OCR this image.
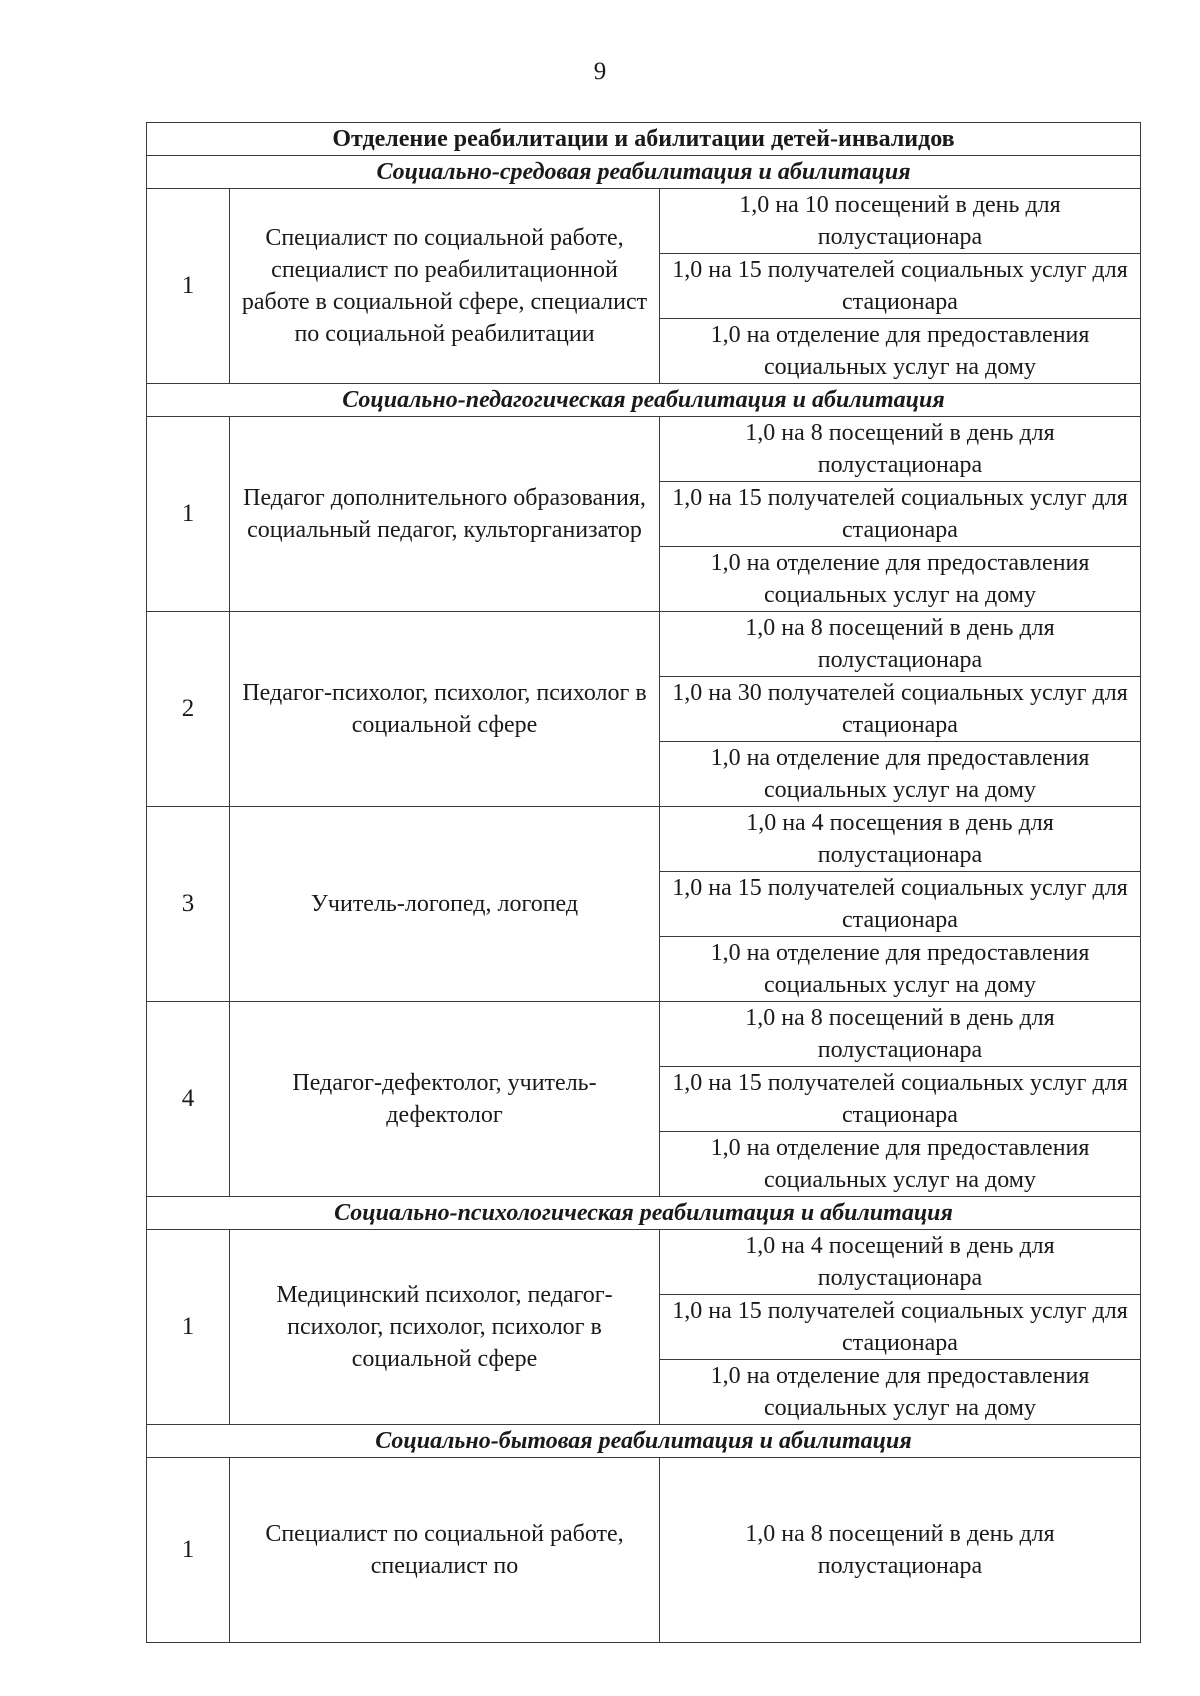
9
Отделение реабилитации и абилитации детей-инвалидов		
Социально-средовая реабилитация и абилитация		
1	Специалист по социальной работе, специалист по реабилитационной работе в социальной сфере, специалист по социальной реабилитации	1,0 на 10 посещений в день для полустационара
1,0 на 15 получателей социальных услуг для стационара
1,0 на отделение для предоставления социальных услуг на дому

Социально-педагогическая реабилитация и абилитация		
1	Педагог дополнительного образования, социальный педагог, культорганизатор	1,0 на 8 посещений в день для полустационара
1,0 на 15 получателей социальных услуг для стационара
1,0 на отделение для предоставления социальных услуг на дому

2	Педагог-психолог, психолог, психолог в социальной сфере	1,0 на 8 посещений в день для полустационара
1,0 на 30 получателей социальных услуг для стационара
1,0 на отделение для предоставления социальных услуг на дому

3	Учитель-логопед, логопед	1,0 на 4 посещения в день для полустационара
1,0 на 15 получателей социальных услуг для стационара
1,0 на отделение для предоставления социальных услуг на дому

4	Педагог-дефектолог, учитель-дефектолог	1,0 на 8 посещений в день для полустационара
1,0 на 15 получателей социальных услуг для стационара
1,0 на отделение для предоставления социальных услуг на дому

Социально-психологическая реабилитация и абилитация		
1	Медицинский психолог, педагог-психолог, психолог, психолог в социальной сфере	1,0 на 4 посещений в день для полустационара
1,0 на 15 получателей социальных услуг для стационара
1,0 на отделение для предоставления социальных услуг на дому

Социально-бытовая реабилитация и абилитация		
1	Специалист по социальной работе, специалист по	1,0 на 8 посещений в день для полустационара
